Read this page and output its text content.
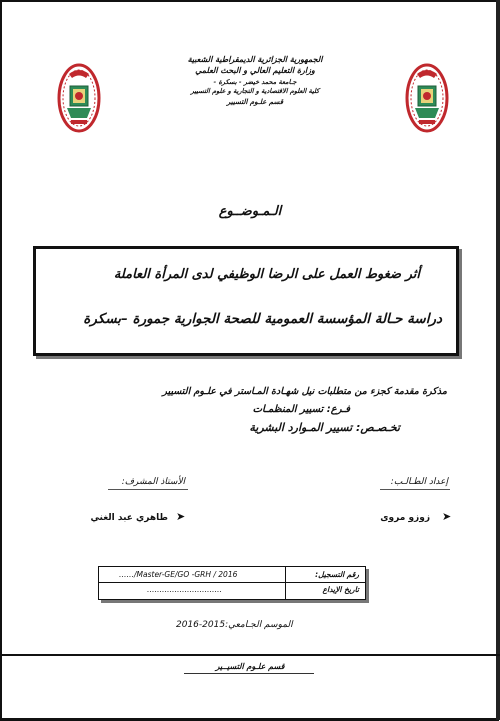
الجمهورية الجزائرية الديمقراطية الشعبية
وزارة التعليم العالي و البحث العلمي
جـامعة محمد خيضر - بسكرة -
كلية العلوم الاقتصادية و التجارية و علوم التسيير
قسم علـوم التسيير
الـمـوضــوع
أثر ضغوط العمل على الرضا الوظيفي لدى المرأة العاملة
دراسة حـالة المؤسسة العمومية للصحة الجوارية جمورة –بسكرة
مذكرة مقدمة كجزء من متطلبات نيل شهـادة المـاستر في علـوم التسيير
فـرع: تسيير المنظمـات
تخـصـص: تسيير المـوارد البشرية
إعداد الطـالـب:
الأستاذ المشرف:
➤
زوزو مروى
➤
طاهري عبد الغني
رقم التسجيل:
……/Master-GE/GO -GRH / 2016
تاريخ الإيداع
…………………………
الموسم الجـامعي:2015-2016
قسم علـوم التسيــير
